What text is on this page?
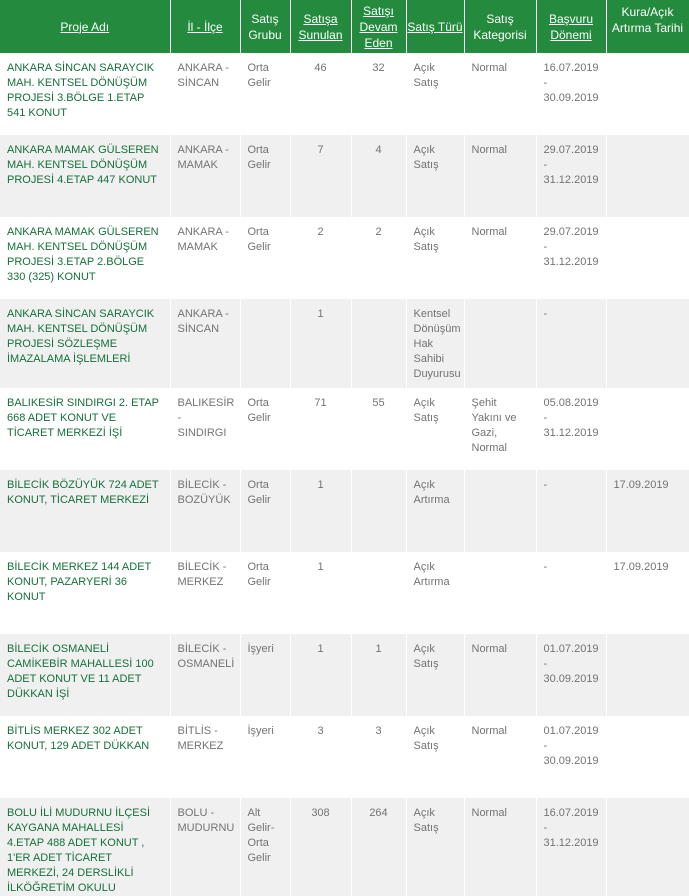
Proje Adı	İl - İlçe	Satış Grubu	Satışa Sunulan	Satışı Devam Eden	Satış Türü	Satış Kategorisi	Başvuru Dönemi	Kura/Açık Artırma Tarihi

ANKARA SİNCAN SARAYCIK MAH. KENTSEL DÖNÜŞÜM PROJESİ 3.BÖLGE 1.ETAP 541 KONUT	ANKARA - SİNCAN	Orta Gelir	46	32	Açık Satış	Normal	16.07.2019 - 30.09.2019	
ANKARA MAMAK GÜLSEREN MAH. KENTSEL DÖNÜŞÜM PROJESİ 4.ETAP 447 KONUT	ANKARA - MAMAK	Orta Gelir	7	4	Açık Satış	Normal	29.07.2019 - 31.12.2019	
ANKARA MAMAK GÜLSEREN MAH. KENTSEL DÖNÜŞÜM PROJESİ 3.ETAP 2.BÖLGE 330 (325) KONUT	ANKARA - MAMAK	Orta Gelir	2	2	Açık Satış	Normal	29.07.2019 - 31.12.2019	
ANKARA SİNCAN SARAYCIK MAH. KENTSEL DÖNÜŞÜM PROJESİ SÖZLEŞME İMAZALAMA İŞLEMLERİ	ANKARA - SİNCAN		1		Kentsel Dönüşüm Hak Sahibi Duyurusu		-	
BALIKESİR SINDIRGI 2. ETAP 668 ADET KONUT VE TİCARET MERKEZİ İŞİ	BALIKESİR - SINDIRGI	Orta Gelir	71	55	Açık Satış	Şehit Yakını ve Gazi, Normal	05.08.2019 - 31.12.2019	
BİLECİK BÖZÜYÜK 724 ADET KONUT, TİCARET MERKEZİ	BİLECİK - BOZÜYÜK	Orta Gelir	1		Açık Artırma		-	17.09.2019
BİLECİK MERKEZ 144 ADET KONUT, PAZARYERİ 36 KONUT	BİLECİK - MERKEZ	Orta Gelir	1		Açık Artırma		-	17.09.2019
BİLECİK OSMANELİ CAMİKEBİR MAHALLESİ 100 ADET KONUT VE 11 ADET DÜKKAN İŞİ	BİLECİK - OSMANELİ	İşyeri	1	1	Açık Satış	Normal	01.07.2019 - 30.09.2019	
BİTLİS MERKEZ 302 ADET KONUT, 129 ADET DÜKKAN	BİTLİS - MERKEZ	İşyeri	3	3	Açık Satış	Normal	01.07.2019 - 30.09.2019	
BOLU İLİ MUDURNU İLÇESİ KAYGANA MAHALLESİ 4.ETAP 488 ADET KONUT , 1'ER ADET TİCARET MERKEZİ, 24 DERSLİKLİ İLKÖĞRETİM OKULU	BOLU - MUDURNU	Alt Gelir-Orta Gelir	308	264	Açık Satış	Normal	16.07.2019 - 31.12.2019	
